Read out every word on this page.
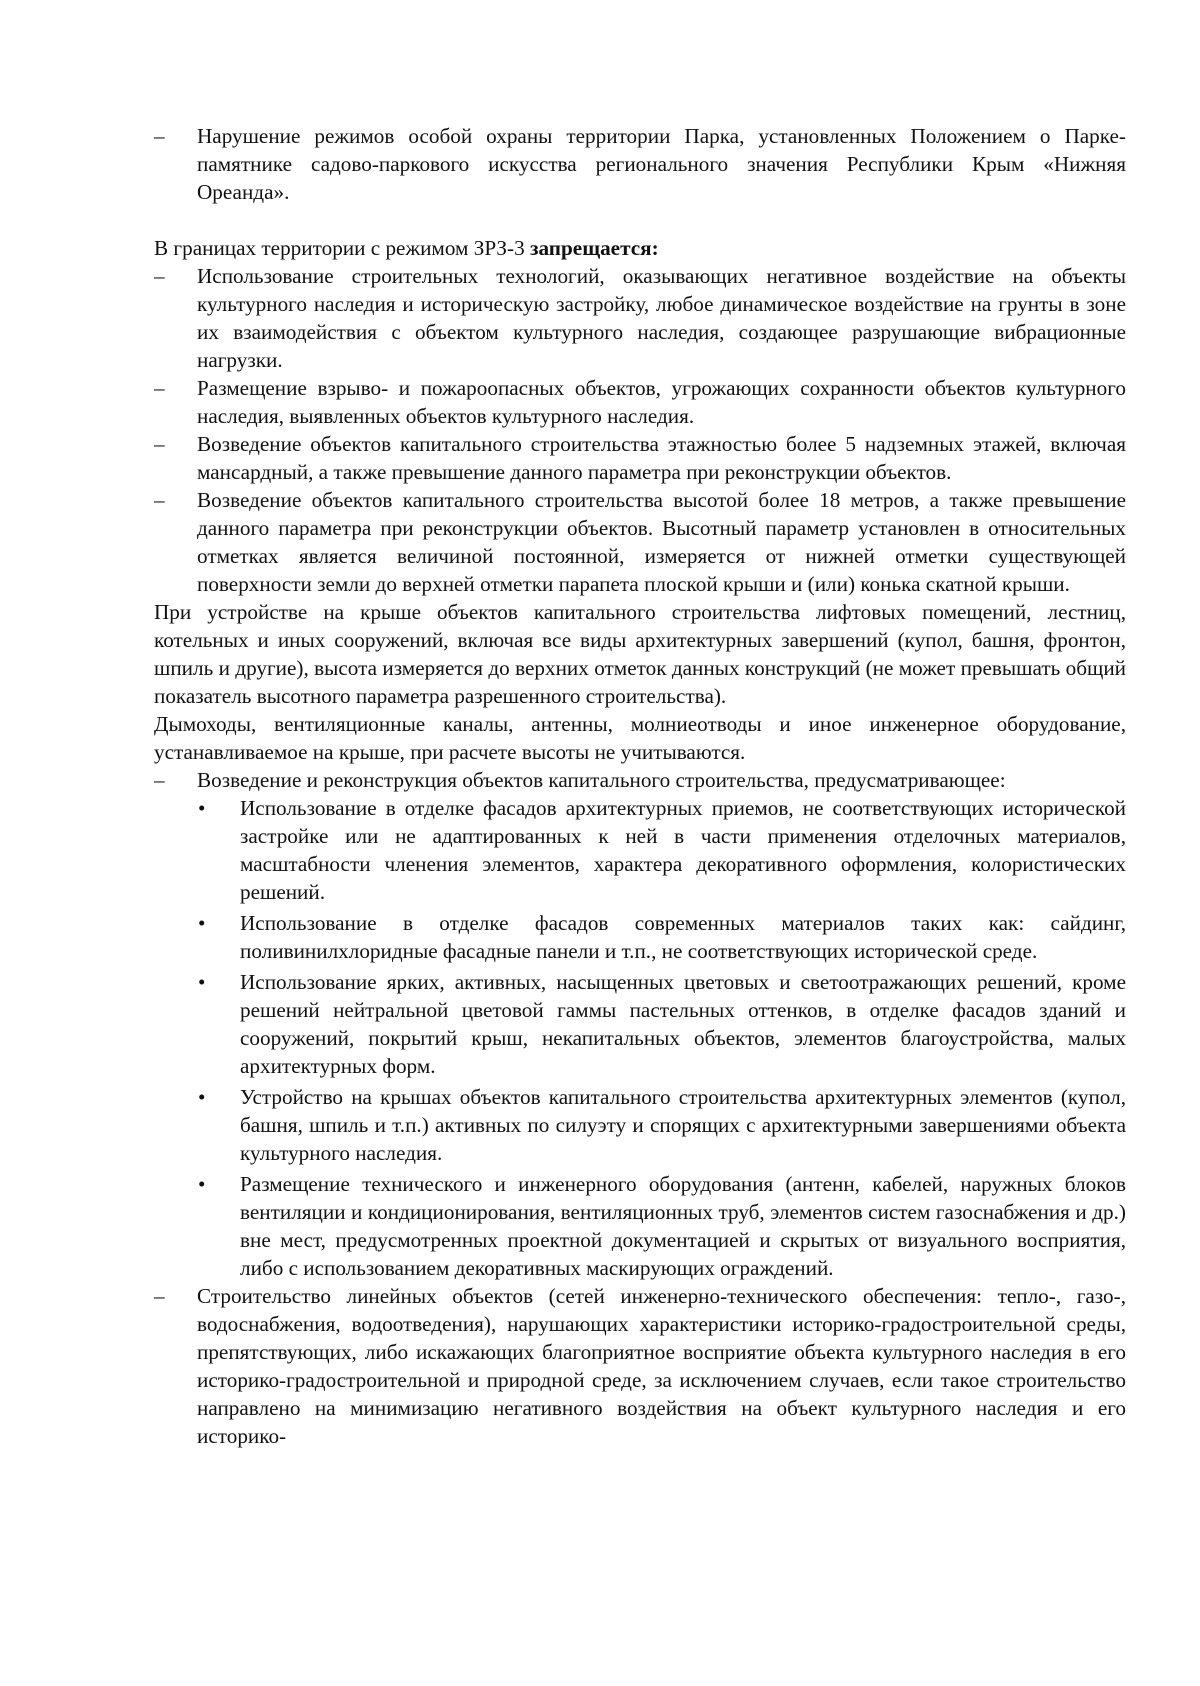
–	Нарушение режимов особой охраны территории Парка, установленных Положением о Парке-памятнике садово-паркового искусства регионального значения Республики Крым «Нижняя Ореанда».

В границах территории с режимом ЗРЗ-3 запрещается:

–	Использование строительных технологий, оказывающих негативное воздействие на объекты культурного наследия и историческую застройку, любое динамическое воздействие на грунты в зоне их взаимодействия с объектом культурного наследия, создающее разрушающие вибрационные нагрузки.
–	Размещение взрыво- и пожароопасных объектов, угрожающих сохранности объектов культурного наследия, выявленных объектов культурного наследия.
–	Возведение объектов капитального строительства этажностью более 5 надземных этажей, включая мансардный, а также превышение данного параметра при реконструкции объектов.
–	Возведение объектов капитального строительства высотой более 18 метров, а также превышение данного параметра при реконструкции объектов. Высотный параметр установлен в относительных отметках является величиной постоянной, измеряется от нижней отметки существующей поверхности земли до верхней отметки парапета плоской крыши и (или) конька скатной крыши.

При устройстве на крыше объектов капитального строительства лифтовых помещений, лестниц, котельных и иных сооружений, включая все виды архитектурных завершений (купол, башня, фронтон, шпиль и другие), высота измеряется до верхних отметок данных конструкций (не может превышать общий показатель высотного параметра разрешенного строительства).

Дымоходы, вентиляционные каналы, антенны, молниеотводы и иное инженерное оборудование, устанавливаемое на крыше, при расчете высоты не учитываются.

–	Возведение и реконструкция объектов капитального строительства, предусматривающее:
•	Использование в отделке фасадов архитектурных приемов, не соответствующих исторической застройке или не адаптированных к ней в части применения отделочных материалов, масштабности членения элементов, характера декоративного оформления, колористических решений.
•	Использование в отделке фасадов современных материалов таких как: сайдинг, поливинилхлоридные фасадные панели и т.п., не соответствующих исторической среде.
•	Использование ярких, активных, насыщенных цветовых и светоотражающих решений, кроме решений нейтральной цветовой гаммы пастельных оттенков, в отделке фасадов зданий и сооружений, покрытий крыш, некапитальных объектов, элементов благоустройства, малых архитектурных форм.
•	Устройство на крышах объектов капитального строительства архитектурных элементов (купол, башня, шпиль и т.п.) активных по силуэту и спорящих с архитектурными завершениями объекта культурного наследия.
•	Размещение технического и инженерного оборудования (антенн, кабелей, наружных блоков вентиляции и кондиционирования, вентиляционных труб, элементов систем газоснабжения и др.) вне мест, предусмотренных проектной документацией и скрытых от визуального восприятия, либо с использованием декоративных маскирующих ограждений.
–	Строительство линейных объектов (сетей инженерно-технического обеспечения: тепло-, газо-, водоснабжения, водоотведения), нарушающих характеристики историко-градостроительной среды, препятствующих, либо искажающих благоприятное восприятие объекта культурного наследия в его историко-градостроительной и природной среде, за исключением случаев, если такое строительство направлено на минимизацию негативного воздействия на объект культурного наследия и его историко-
